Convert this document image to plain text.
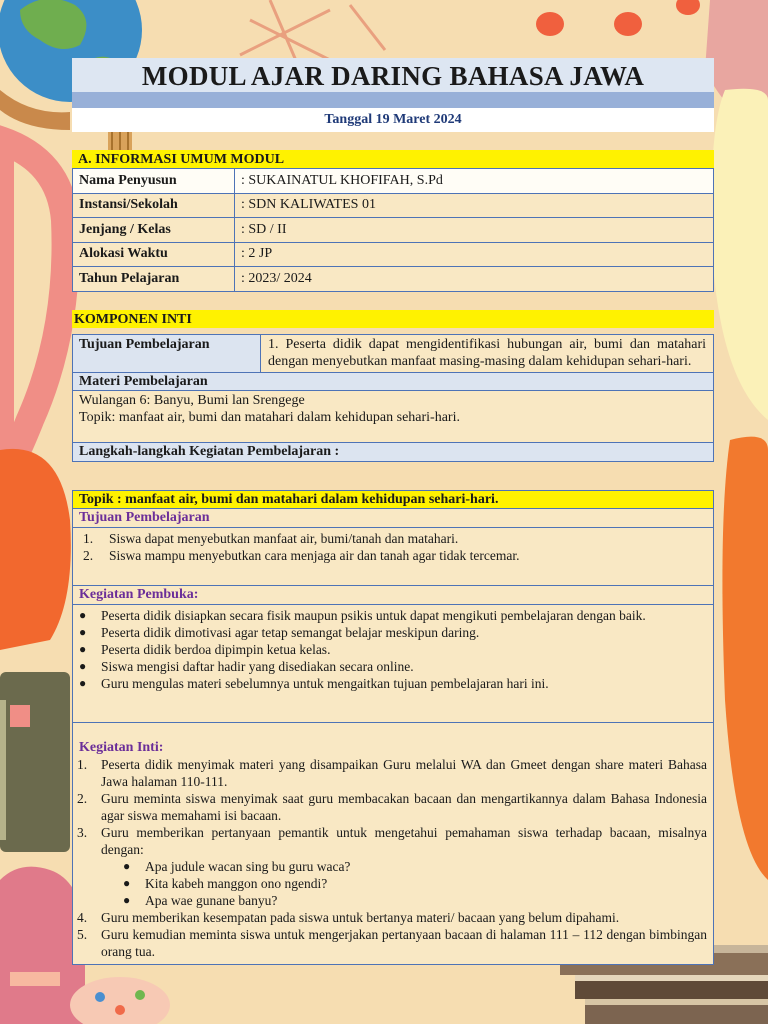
MODUL AJAR DARING BAHASA JAWA
Tanggal 19 Maret 2024
A. INFORMASI UMUM MODUL
Nama Penyusun	: SUKAINATUL KHOFIFAH, S.Pd
Instansi/Sekolah	: SDN KALIWATES 01
Jenjang / Kelas	: SD / II
Alokasi Waktu	: 2 JP
Tahun Pelajaran	: 2023/ 2024
KOMPONEN INTI
Tujuan Pembelajaran	1. Peserta didik dapat mengidentifikasi hubungan air, bumi dan matahari dengan menyebutkan manfaat masing-masing dalam kehidupan sehari-hari.
Materi Pembelajaran
Wulangan 6: Banyu, Bumi lan Srengege
Topik: manfaat air, bumi dan matahari dalam kehidupan sehari-hari.
Langkah-langkah Kegiatan Pembelajaran :
Topik : manfaat air, bumi dan matahari dalam kehidupan sehari-hari.
Tujuan Pembelajaran
1.	Siswa dapat menyebutkan manfaat air, bumi/tanah dan matahari.
2.	Siswa mampu menyebutkan cara menjaga air dan tanah agar tidak tercemar.
Kegiatan Pembuka:
●	Peserta didik disiapkan secara fisik maupun psikis untuk dapat mengikuti pembelajaran dengan baik.
●	Peserta didik dimotivasi agar tetap semangat belajar meskipun daring.
●	Peserta didik berdoa dipimpin ketua kelas.
●	Siswa mengisi daftar hadir yang disediakan secara online.
●	Guru mengulas materi sebelumnya untuk mengaitkan tujuan pembelajaran hari ini.
Kegiatan Inti:
1.	Peserta didik menyimak materi yang disampaikan Guru melalui WA dan Gmeet dengan share materi Bahasa Jawa halaman 110-111.
2.	Guru meminta siswa menyimak saat guru membacakan bacaan dan mengartikannya dalam Bahasa Indonesia agar siswa memahami isi bacaan.
3.	Guru memberikan pertanyaan pemantik untuk mengetahui pemahaman siswa terhadap bacaan, misalnya dengan:
●	Apa judule wacan sing bu guru waca?
●	Kita kabeh manggon ono ngendi?
●	Apa wae gunane banyu?
4.	Guru memberikan kesempatan pada siswa untuk bertanya materi/ bacaan yang belum dipahami.
5.	Guru kemudian meminta siswa untuk mengerjakan pertanyaan bacaan di halaman 111 – 112 dengan bimbingan orang tua.
